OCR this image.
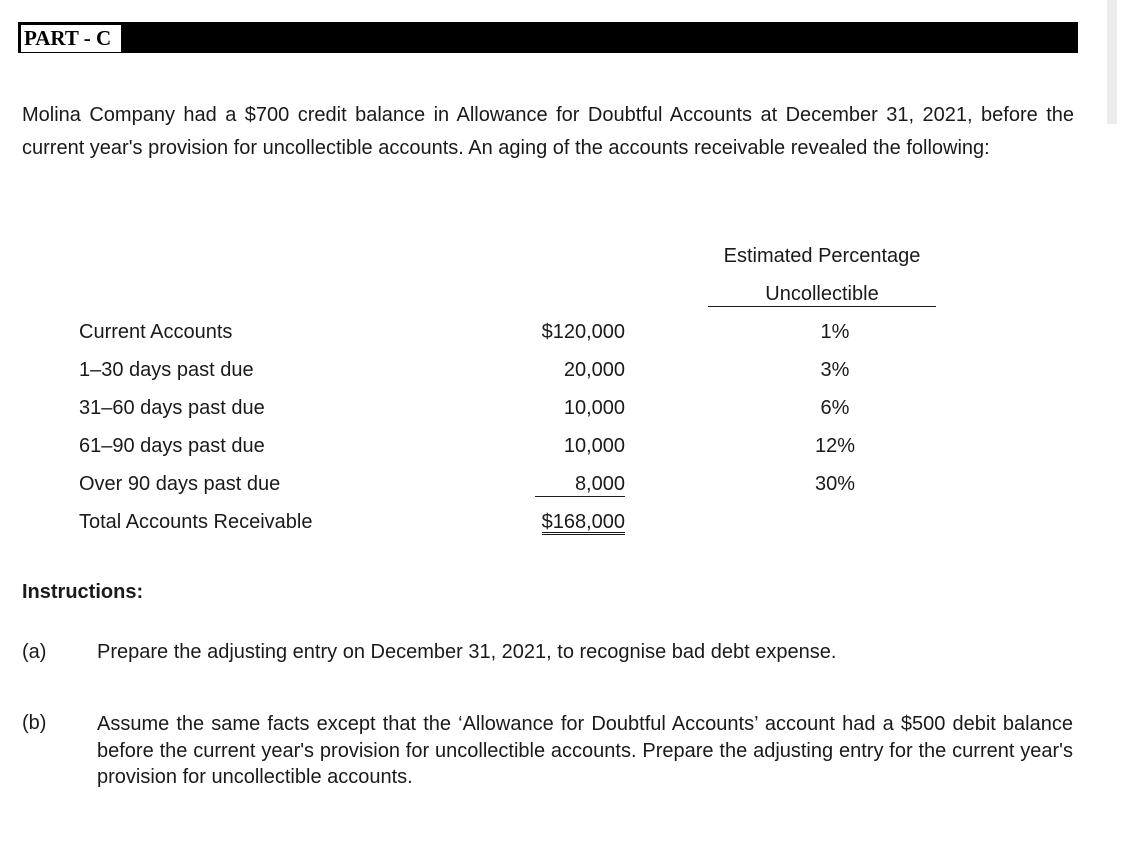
PART - C

Molina Company had a $700 credit balance in Allowance for Doubtful Accounts at December 31, 2021, before the current year's provision for uncollectible accounts. An aging of the accounts receivable revealed the following:

Estimated Percentage
Uncollectible
Current Accounts	$120,000	1%
1–30 days past due	20,000	3%
31–60 days past due	10,000	6%
61–90 days past due	10,000	12%
Over 90 days past due	8,000	30%
Total Accounts Receivable	$168,000
Instructions:
(a)	Prepare the adjusting entry on December 31, 2021, to recognise bad debt expense.

(b)	Assume the same facts except that the ‘Allowance for Doubtful Accounts’ account had a $500 debit balance before the current year's provision for uncollectible accounts. Prepare the adjusting entry for the current year's provision for uncollectible accounts.
